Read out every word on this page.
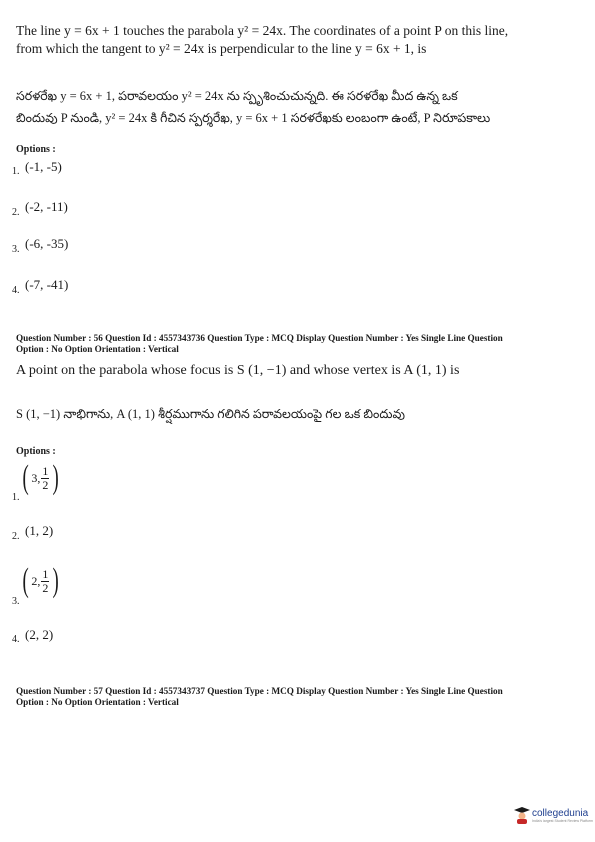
The line y = 6x + 1 touches the parabola y² = 24x. The coordinates of a point P on this line,
from which the tangent to y² = 24x is perpendicular to the line y = 6x + 1, is
సరళరేఖ y = 6x + 1, పరావలయం y² = 24x ను స్పృశించుచున్నది. ఈ సరళరేఖ మీద ఉన్న ఒక
బిందువు P నుండి, y² = 24x కి గీచిన స్పర్శరేఖ, y = 6x + 1 సరళరేఖకు లంబంగా ఉంటే, P నిరూపకాలు
Options :
1. (-1, -5)
2. (-2, -11)
3. (-6, -35)
4. (-7, -41)
Question Number : 56 Question Id : 4557343736 Question Type : MCQ Display Question Number : Yes Single Line Question
Option : No Option Orientation : Vertical
A point on the parabola whose focus is S (1, −1) and whose vertex is A (1, 1) is
S (1, −1) నాభిగాను, A (1, 1) శీర్షముగాను గలిగిన పరావలయంపై గల ఒక బిందువు
Options :
1.
( 3, $\frac{1}{2}$ )
2. (1, 2)
3.
( 2, $\frac{1}{2}$ )
4. (2, 2)
Question Number : 57 Question Id : 4557343737 Question Type : MCQ Display Question Number : Yes Single Line Question
Option : No Option Orientation : Vertical
collegedunia
India's largest Student Review Platform
